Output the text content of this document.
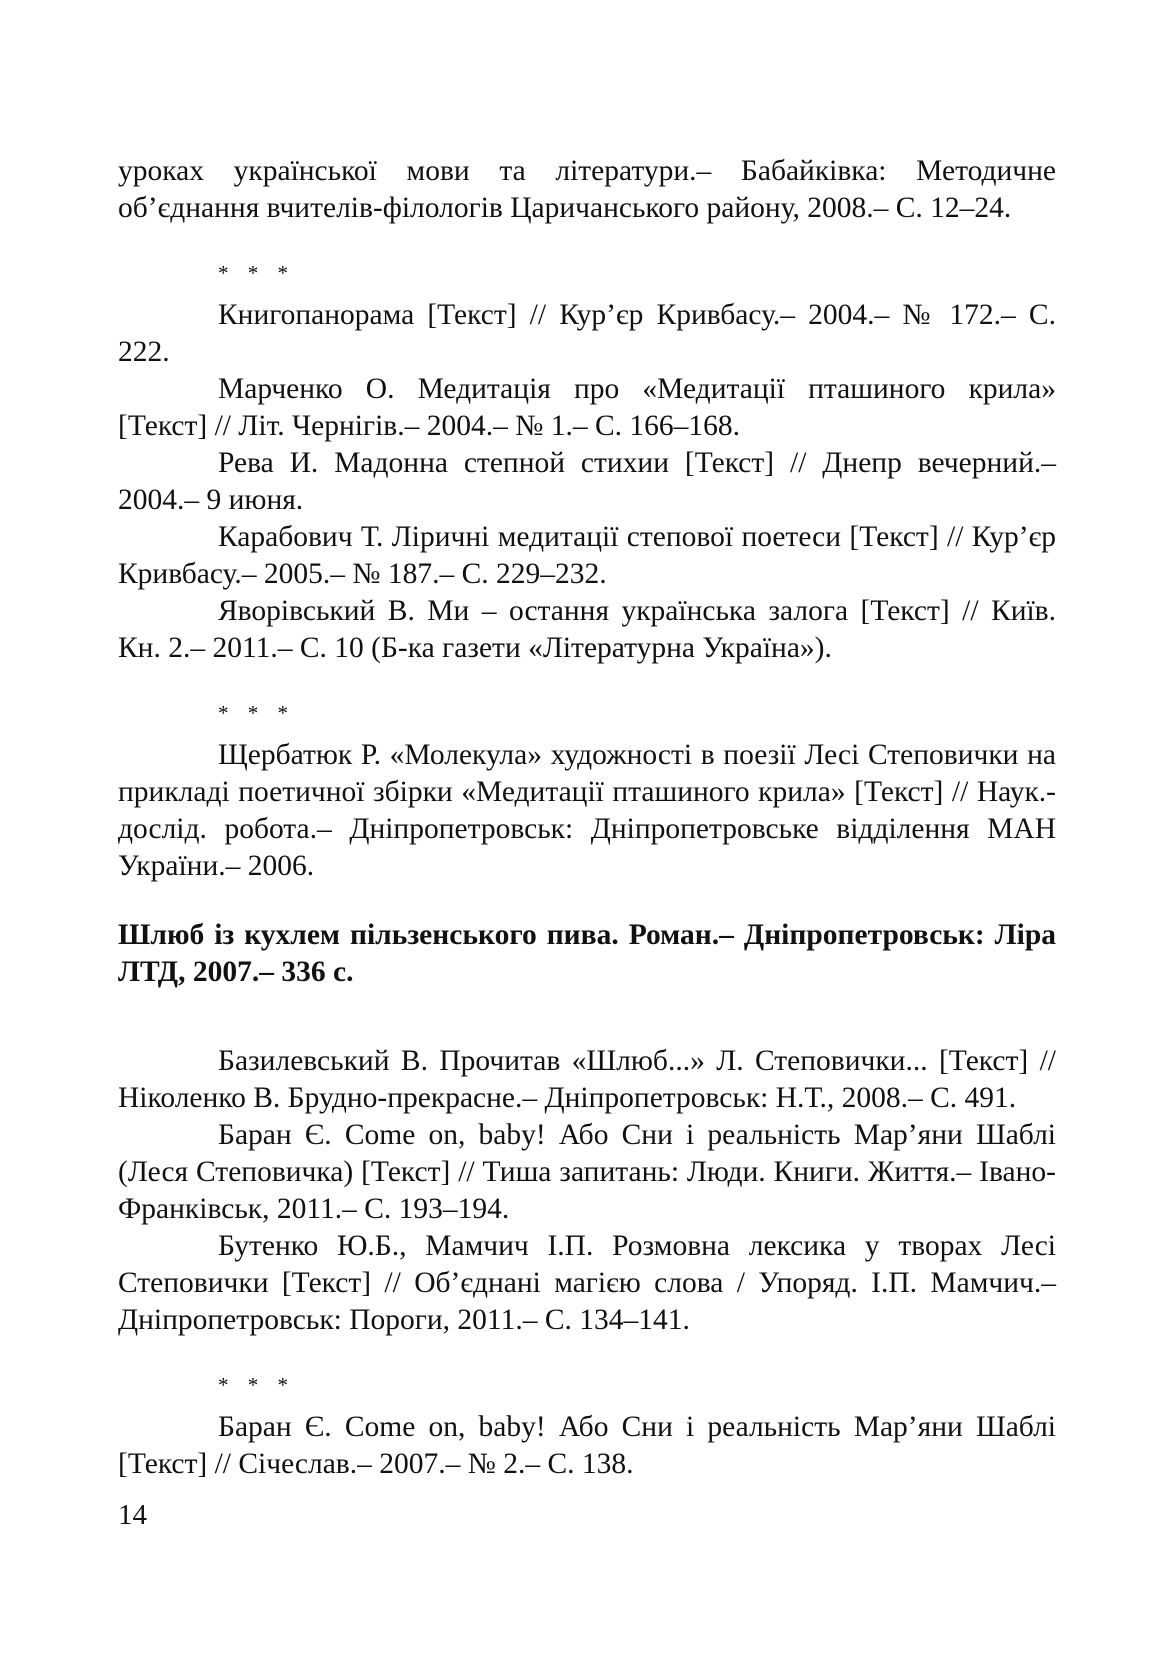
уроках української мови та літератури.– Бабайківка: Методичне об’єднання вчителів-філологів Царичанського району, 2008.– С. 12–24.

* * *

Книгопанорама [Текст] // Кур’єр Кривбасу.– 2004.– № 172.– С. 222.

Марченко О. Медитація про «Медитації пташиного крила» [Текст] // Літ. Чернігів.– 2004.– № 1.– С. 166–168.

Рева И. Мадонна степной стихии [Текст] // Днепр вечерний.– 2004.– 9 июня.

Карабович Т. Ліричні медитації степової поетеси [Текст] // Кур’єр Кривбасу.– 2005.– № 187.– С. 229–232.

Яворівський В. Ми – остання українська залога [Текст] // Київ. Кн. 2.– 2011.– С. 10 (Б-ка газети «Літературна Україна»).

* * *

Щербатюк Р. «Молекула» художності в поезії Лесі Степовички на прикладі поетичної збірки «Медитації пташиного крила» [Текст] // Наук.-дослід. робота.– Дніпропетровськ: Дніпропетровське відділення МАН України.– 2006.

Шлюб із кухлем пільзенського пива. Роман.– Дніпропетровськ: Ліра ЛТД, 2007.– 336 с.

Базилевський В. Прочитав «Шлюб...» Л. Степовички... [Текст] // Ніколенко В. Брудно-прекрасне.– Дніпропетровськ: Н.Т., 2008.– С. 491.

Баран Є. Come on, baby! Або Сни і реальність Мар’яни Шаблі (Леся Степовичка) [Текст] // Тиша запитань: Люди. Книги. Життя.– Івано-Франківськ, 2011.– С. 193–194.

Бутенко Ю.Б., Мамчич І.П. Розмовна лексика у творах Лесі Степовички [Текст] // Об’єднані магією слова / Упоряд. І.П. Мамчич.– Дніпропетровськ: Пороги, 2011.– С. 134–141.

* * *

Баран Є. Come on, baby! Або Сни і реальність Мар’яни Шаблі [Текст] // Січеслав.– 2007.– № 2.– С. 138.

14
